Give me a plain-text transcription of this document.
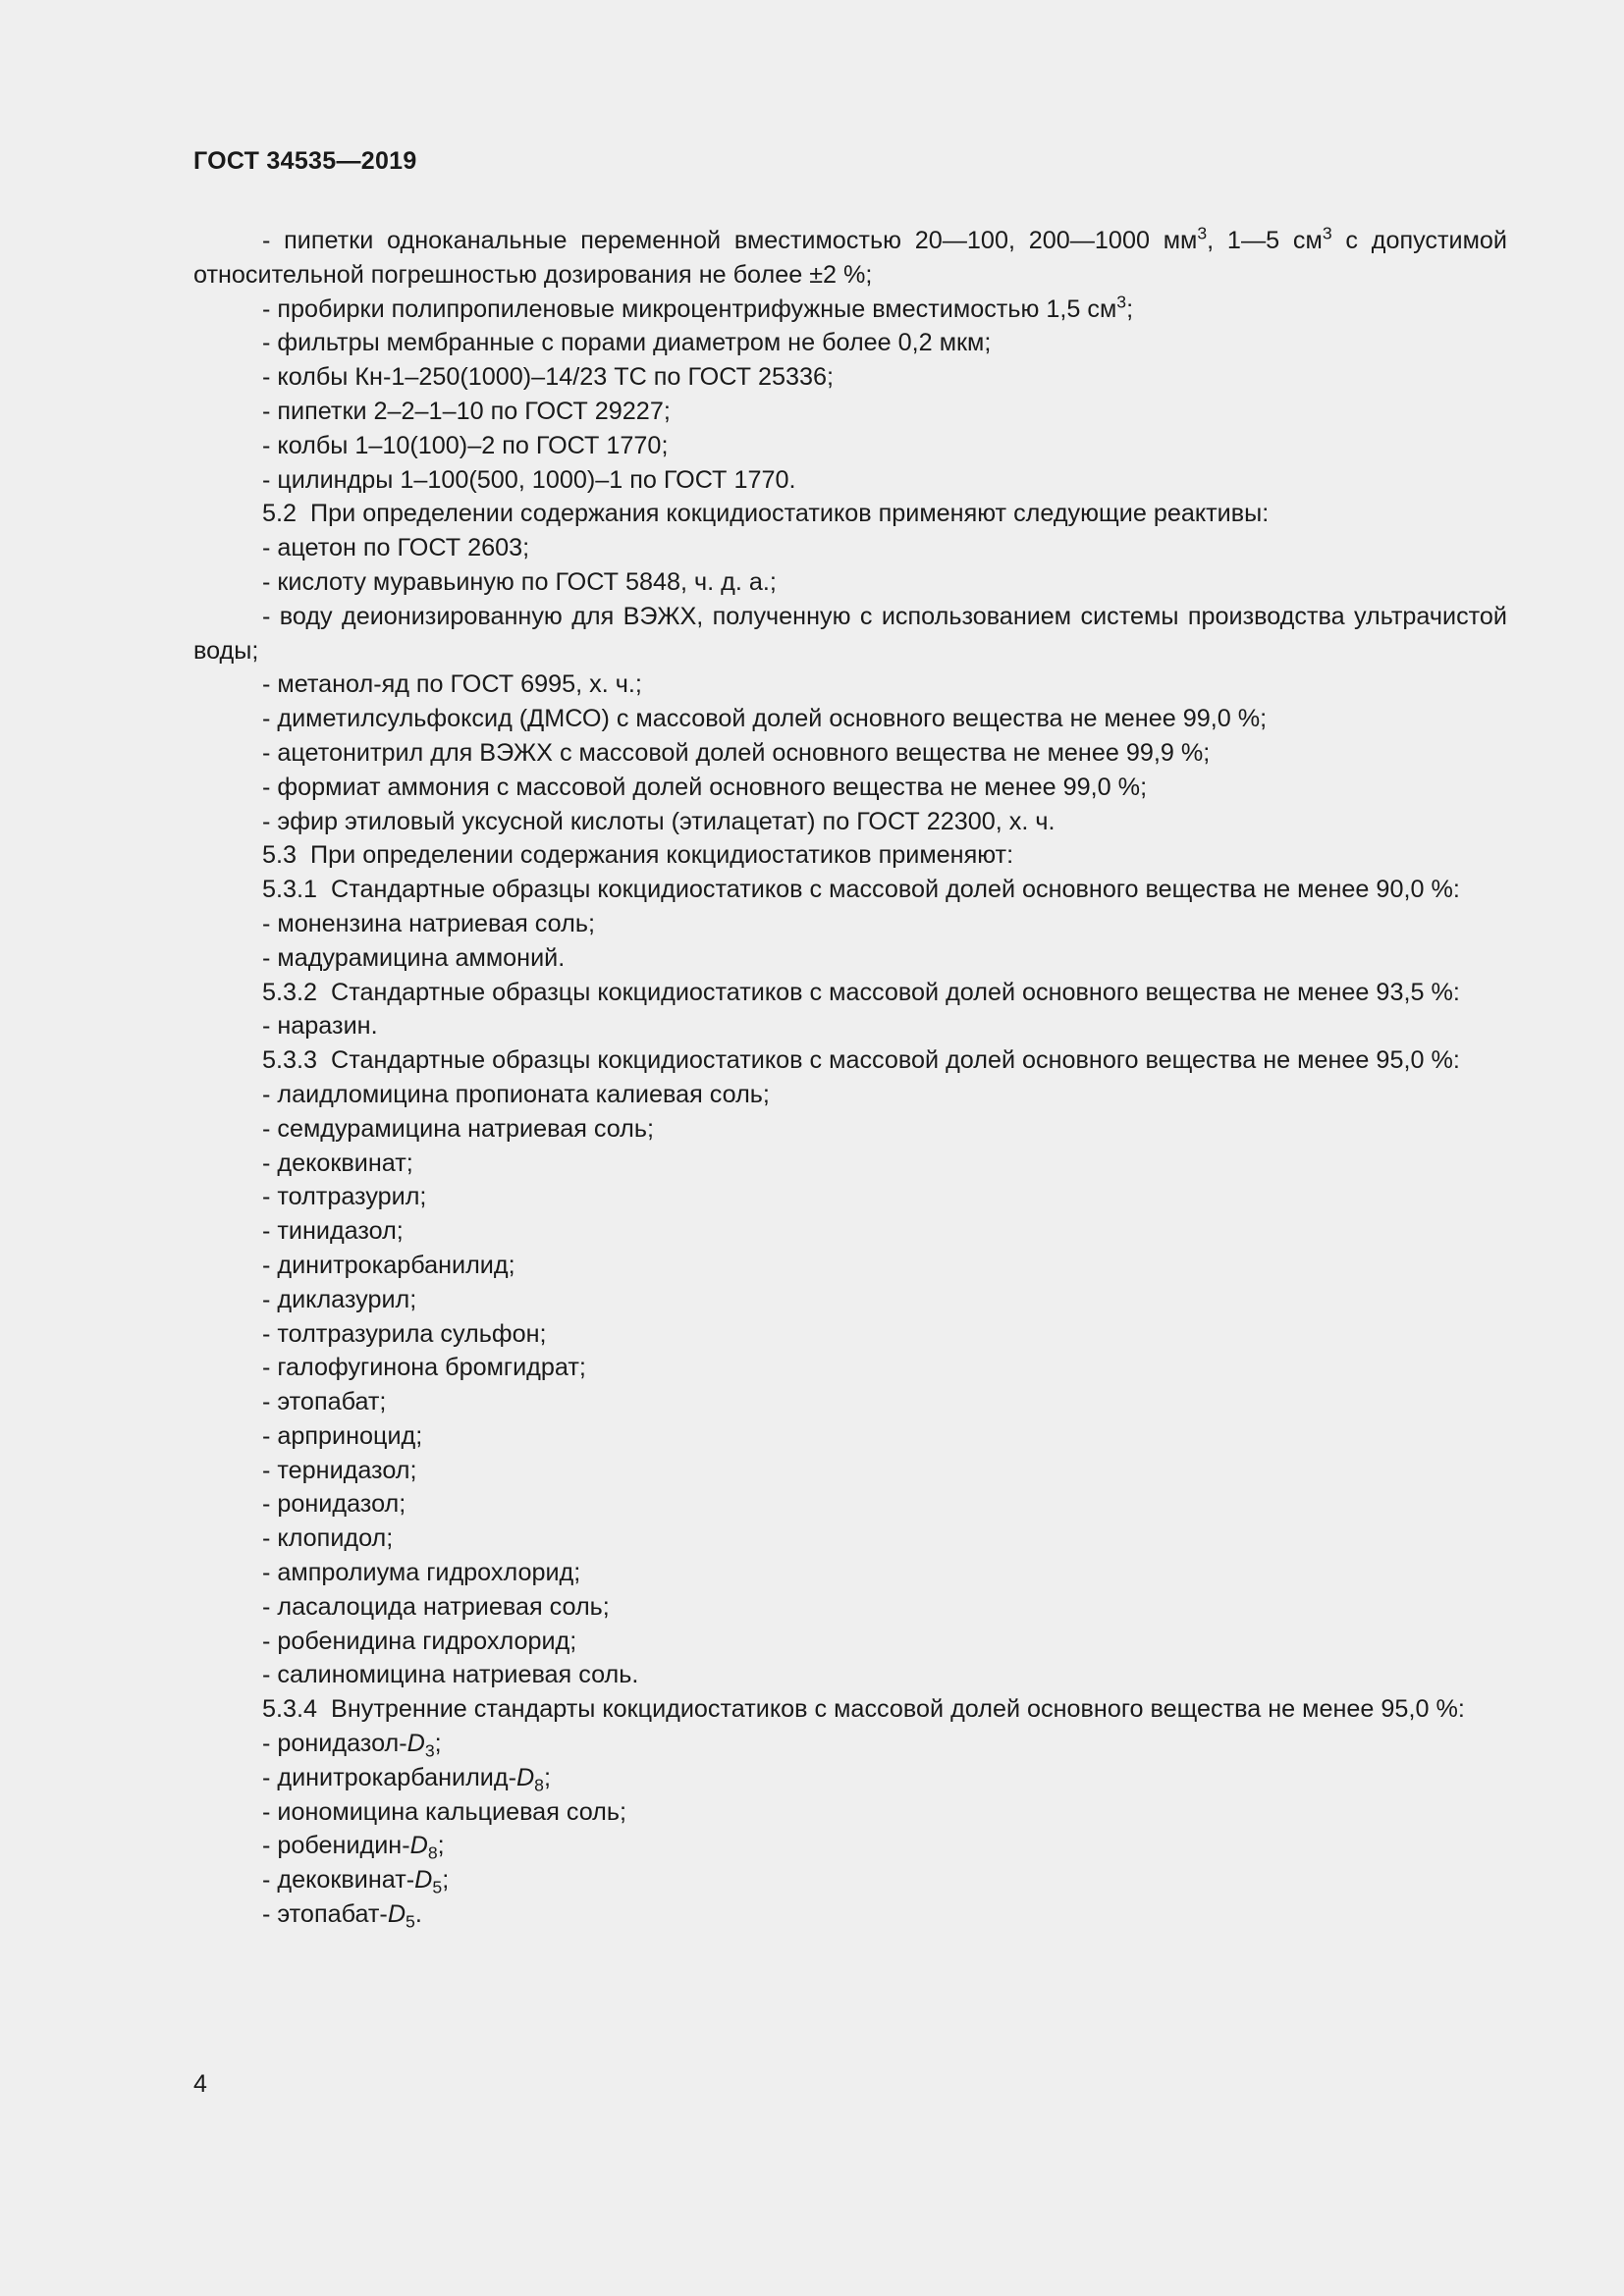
ГОСТ 34535—2019

- пипетки одноканальные переменной вместимостью 20—100, 200—1000 $мм^3$, 1—5 $см^3$ с допустимой относительной погрешностью дозирования не более ±2 %;

- пробирки полипропиленовые микроцентрифужные вместимостью 1,5 $см^3$;

- фильтры мембранные с порами диаметром не более 0,2 мкм;

- колбы Кн-1–250(1000)–14/23 ТС по ГОСТ 25336;

- пипетки 2–2–1–10 по ГОСТ 29227;

- колбы 1–10(100)–2 по ГОСТ 1770;

- цилиндры 1–100(500, 1000)–1 по ГОСТ 1770.

5.2  При определении содержания кокцидиостатиков применяют следующие реактивы:

- ацетон по ГОСТ 2603;

- кислоту муравьиную по ГОСТ 5848, ч. д. а.;

- воду деионизированную для ВЭЖХ, полученную с использованием системы производства ультрачистой воды;

- метанол-яд по ГОСТ 6995, х. ч.;

- диметилсульфоксид (ДМСО) с массовой долей основного вещества не менее 99,0 %;

- ацетонитрил для ВЭЖХ с массовой долей основного вещества не менее 99,9 %;

- формиат аммония с массовой долей основного вещества не менее 99,0 %;

- эфир этиловый уксусной кислоты (этилацетат) по ГОСТ 22300, х. ч.

5.3  При определении содержания кокцидиостатиков применяют:

5.3.1  Стандартные образцы кокцидиостатиков с массовой долей основного вещества не менее 90,0 %:

- монензина натриевая соль;

- мадурамицина аммоний.

5.3.2  Стандартные образцы кокцидиостатиков с массовой долей основного вещества не менее 93,5 %:

- наразин.

5.3.3  Стандартные образцы кокцидиостатиков с массовой долей основного вещества не менее 95,0 %:

- лаидломицина пропионата калиевая соль;

- семдурамицина натриевая соль;

- декоквинат;

- толтразурил;

- тинидазол;

- динитрокарбанилид;

- диклазурил;

- толтразурила сульфон;

- галофугинона бромгидрат;

- этопабат;

- арприноцид;

- тернидазол;

- ронидазол;

- клопидол;

- ампролиума гидрохлорид;

- ласалоцида натриевая соль;

- робенидина гидрохлорид;

- салиномицина натриевая соль.

5.3.4  Внутренние стандарты кокцидиостатиков с массовой долей основного вещества не менее 95,0 %:

- ронидазол-$D_3$;

- динитрокарбанилид-$D_8$;

- иономицина кальциевая соль;

- робенидин-$D_8$;

- декоквинат-$D_5$;

- этопабат-$D_5$.

4
